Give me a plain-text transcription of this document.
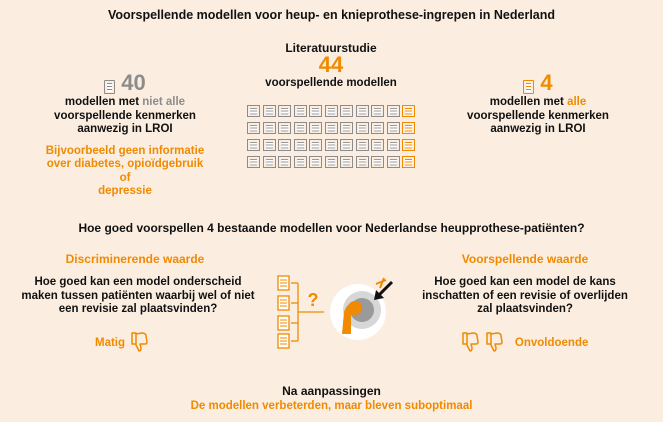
Voorspellende modellen voor heup- en knieprothese-ingrepen in Nederland
Literatuurstudie
44
voorspellende modellen
40
modellen met niet alle
voorspellende kenmerken
aanwezig in LROI
Bijvoorbeeld geen informatie
over diabetes, opioïdgebruik of
depressie
4
modellen met alle
voorspellende kenmerken
aanwezig in LROI
Hoe goed voorspellen 4 bestaande modellen voor Nederlandse heupprothese-patiënten?
Discriminerende waarde
Hoe goed kan een model onderscheid
maken tussen patiënten waarbij wel of niet
een revisie zal plaatsvinden?
Matig
Voorspellende waarde
Hoe goed kan een model de kans
inschatten of een revisie of overlijden
zal plaatsvinden?
Onvoldoende
?
Na aanpassingen
De modellen verbeterden, maar bleven suboptimaal
